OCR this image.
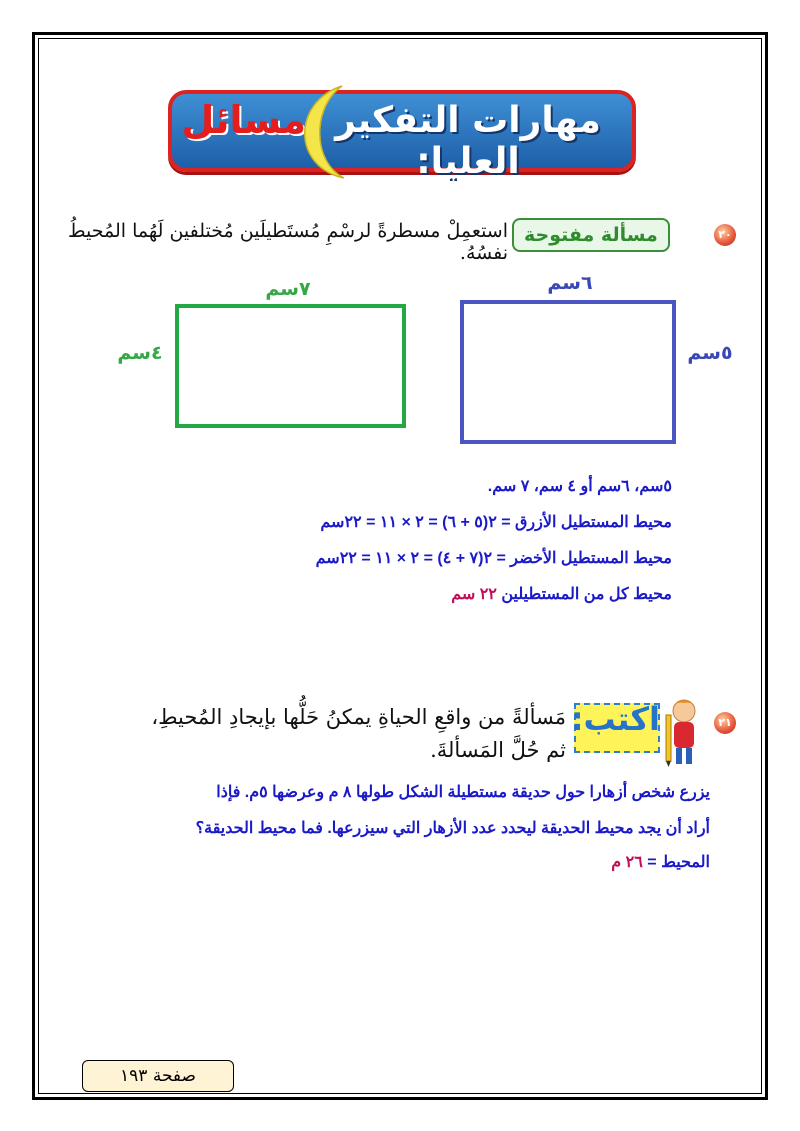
مسائل مهارات التفكير العليا:
٢٠
مسألة مفتوحة
استعمِلْ مسطرةً لرسْمِ مُستَطيلَين مُختلفين لَهُما المُحيطُ نفسُهُ.
٦سم
٥سم
٧سم
٤سم
٥سم، ٦سم أو ٤ سم، ٧ سم.
محيط المستطيل الأزرق = ٢(٥ + ٦) = ٢ × ١١ = ٢٢سم
محيط المستطيل الأخضر = ٢(٧ + ٤) = ٢ × ١١ = ٢٢سم
محيط كل من المستطيلين ٢٢ سم
٢١
اكتب:
مَسألةً من واقعِ الحياةِ يمكنُ حَلُّها بإيجادِ المُحيطِ،
ثم حُلَّ المَسألةَ.
يزرع شخص أزهارا حول حديقة مستطيلة الشكل طولها ٨ م وعرضها ٥م. فإذا
أراد أن يجد محيط الحديقة ليحدد عدد الأزهار التي سيزرعها. فما محيط الحديقة؟
المحيط = ٢٦ م
صفحة ١٩٣
